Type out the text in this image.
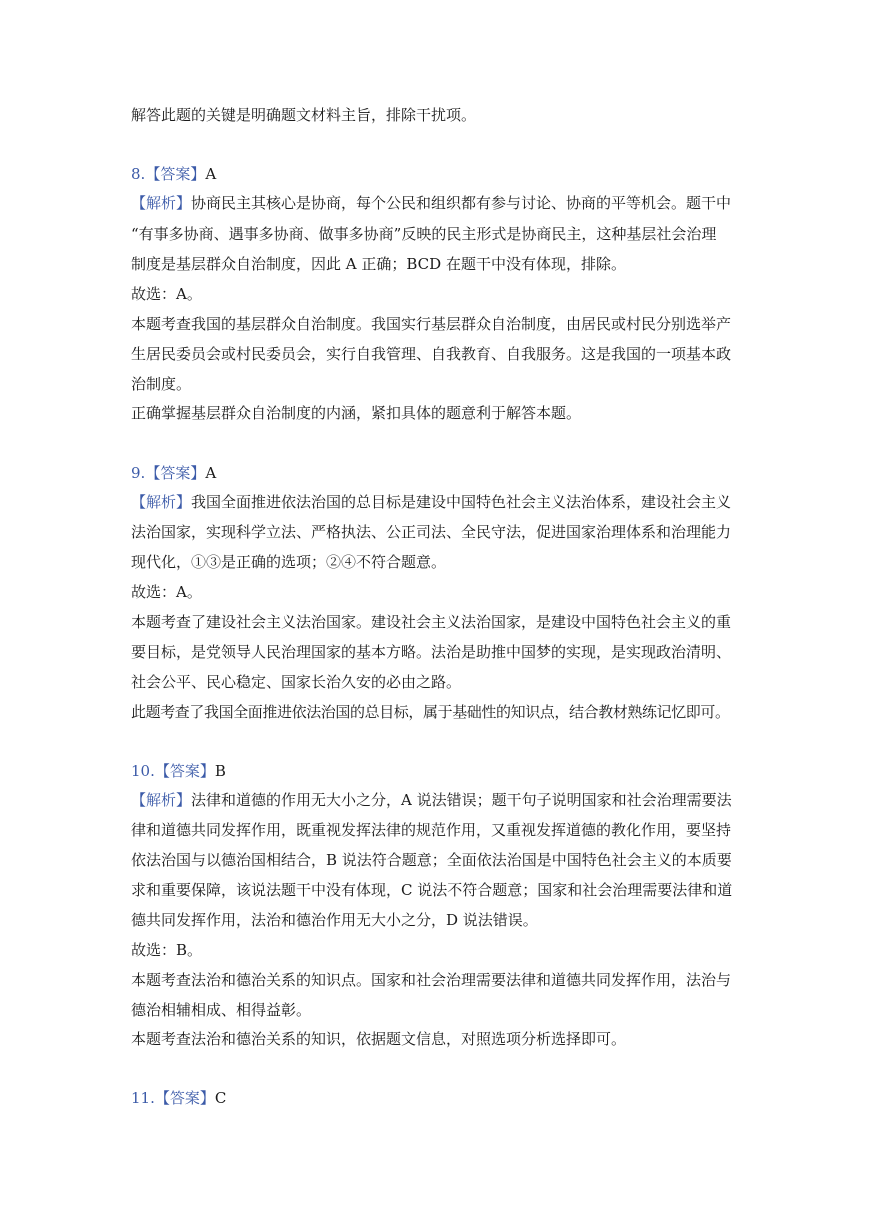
解答此题的关键是明确题文材料主旨，排除干扰项。
8.【答案】A
【解析】协商民主其核心是协商，每个公民和组织都有参与讨论、协商的平等机会。题干中
“有事多协商、遇事多协商、做事多协商”反映的民主形式是协商民主，这种基层社会治理
制度是基层群众自治制度，因此 A 正确；BCD 在题干中没有体现，排除。
故选：A。
本题考查我国的基层群众自治制度。我国实行基层群众自治制度，由居民或村民分别选举产
生居民委员会或村民委员会，实行自我管理、自我教育、自我服务。这是我国的一项基本政
治制度。
正确掌握基层群众自治制度的内涵，紧扣具体的题意利于解答本题。
9.【答案】A
【解析】我国全面推进依法治国的总目标是建设中国特色社会主义法治体系，建设社会主义
法治国家，实现科学立法、严格执法、公正司法、全民守法，促进国家治理体系和治理能力
现代化，①③是正确的选项；②④不符合题意。
故选：A。
本题考查了建设社会主义法治国家。建设社会主义法治国家，是建设中国特色社会主义的重
要目标，是党领导人民治理国家的基本方略。法治是助推中国梦的实现，是实现政治清明、
社会公平、民心稳定、国家长治久安的必由之路。
此题考查了我国全面推进依法治国的总目标，属于基础性的知识点，结合教材熟练记忆即可。
10.【答案】B
【解析】法律和道德的作用无大小之分，A 说法错误；题干句子说明国家和社会治理需要法
律和道德共同发挥作用，既重视发挥法律的规范作用，又重视发挥道德的教化作用，要坚持
依法治国与以德治国相结合，B 说法符合题意；全面依法治国是中国特色社会主义的本质要
求和重要保障，该说法题干中没有体现，C 说法不符合题意；国家和社会治理需要法律和道
德共同发挥作用，法治和德治作用无大小之分，D 说法错误。
故选：B。
本题考查法治和德治关系的知识点。国家和社会治理需要法律和道德共同发挥作用，法治与
德治相辅相成、相得益彰。
本题考查法治和德治关系的知识，依据题文信息，对照选项分析选择即可。
11.【答案】C
